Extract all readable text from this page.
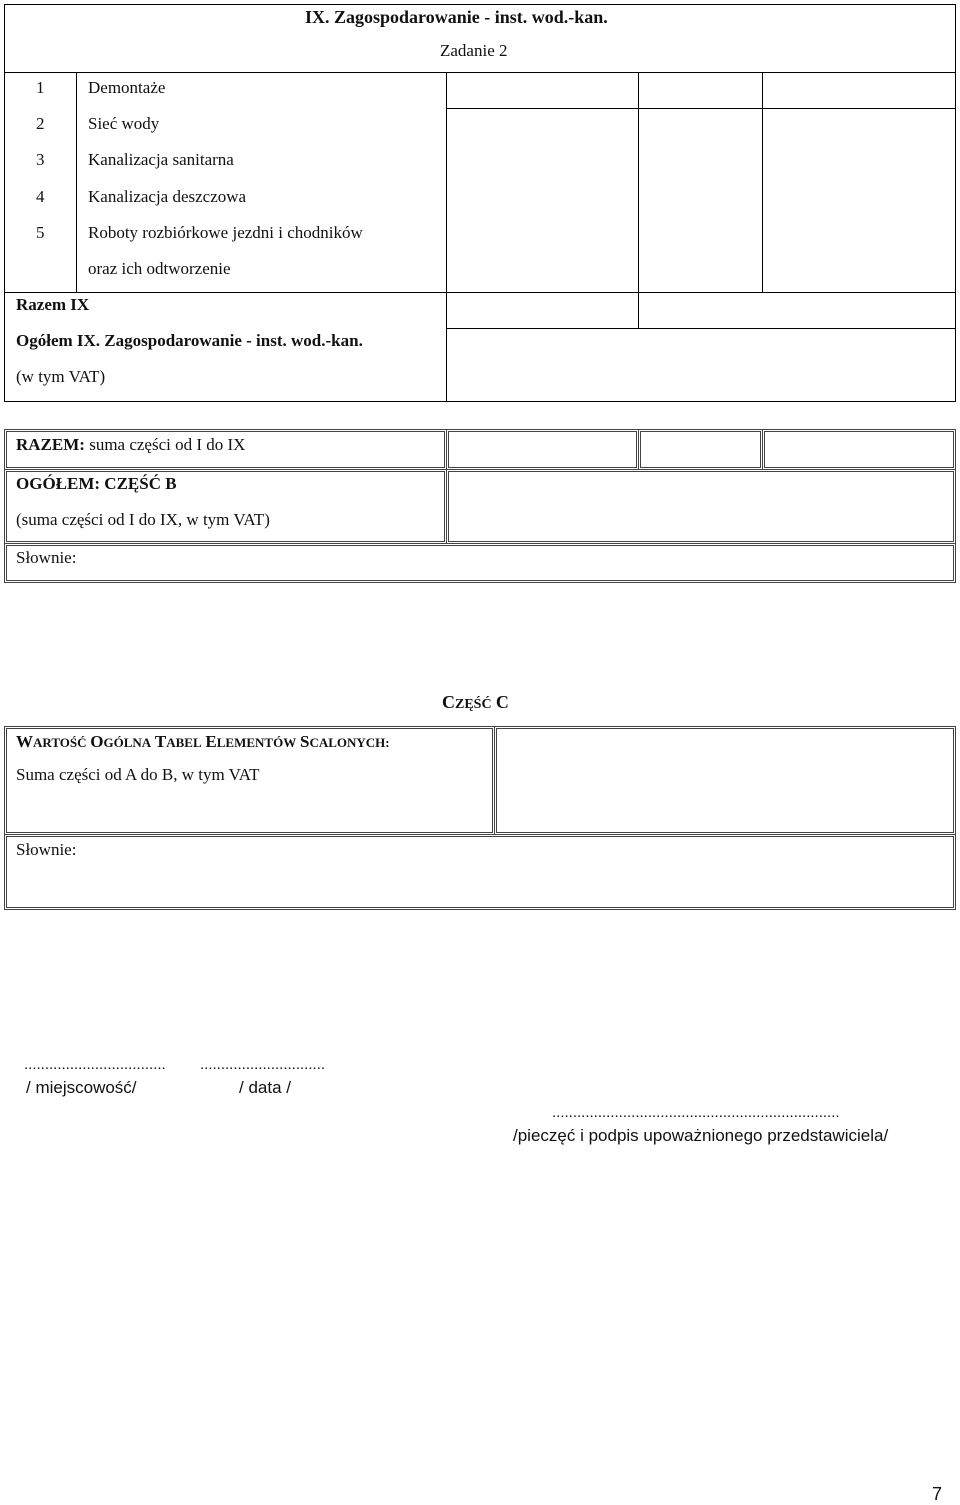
IX. Zagospodarowanie - inst. wod.-kan.
Zadanie 2
1	Demontaże
2	Sieć wody
3	Kanalizacja sanitarna
4	Kanalizacja deszczowa
5	Roboty rozbiórkowe jezdni i chodników
oraz ich odtworzenie
Razem IX
Ogółem IX. Zagospodarowanie - inst. wod.-kan.
(w tym VAT)
RAZEM: suma części od I do IX
OGÓŁEM: CZĘŚĆ B
(suma części od I do IX, w tym VAT)
Słownie:
CZĘŚĆ C
WARTOŚĆ OGÓLNA TABEL ELEMENTÓW SCALONYCH:
Suma części od A do B, w tym VAT
Słownie:
.................................. ..............................
/ miejscowość/	/ data /
.....................................................................
/pieczęć i podpis upoważnionego przedstawiciela/
7
